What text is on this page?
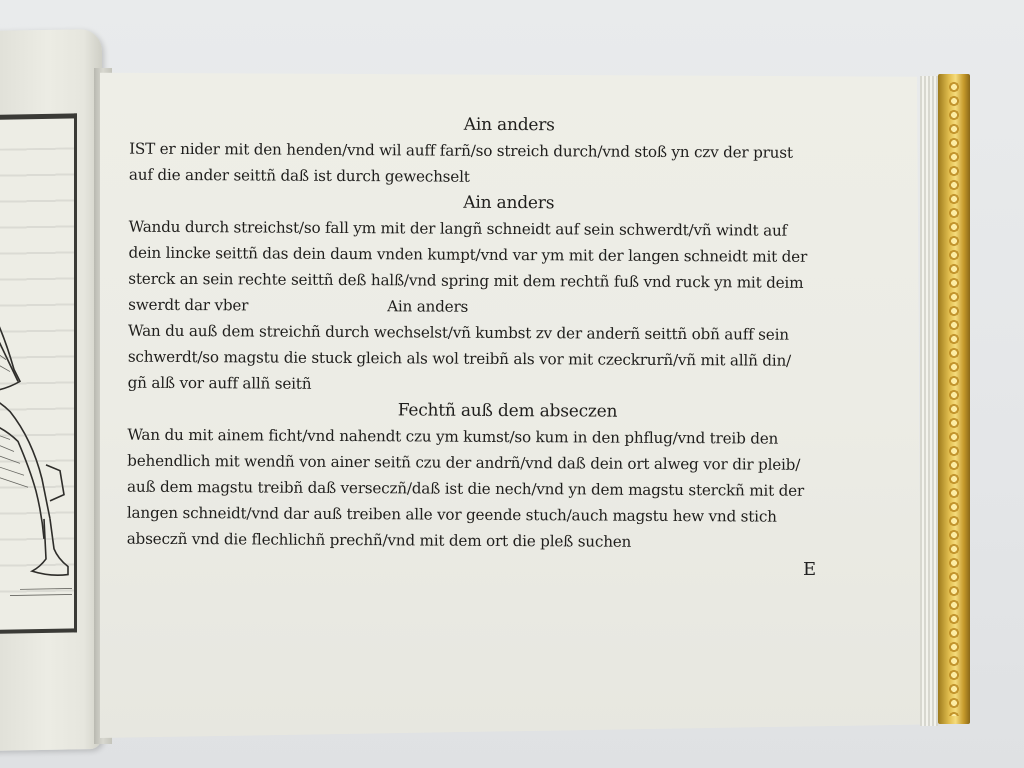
Ain anders
IST er nider mit den henden/vnd wil auff farñ/so streich durch/vnd stoß yn czv der prust
auf die ander seittñ daß ist durch gewechselt
Ain anders
Wandu durch streichst/so fall ym mit der langñ schneidt auf sein schwerdt/vñ windt auf
dein lincke seittñ das dein daum vnden kumpt/vnd var ym mit der langen schneidt mit der
sterck an sein rechte seittñ deß halß/vnd spring mit dem rechtñ fuß vnd ruck yn mit deim
swerdt dar vber                              Ain anders
Wan du auß dem streichñ durch wechselst/vñ kumbst zv der anderñ seittñ obñ auff sein
schwerdt/so magstu die stuck gleich als wol treibñ als vor mit czeckrurñ/vñ mit allñ din/
gñ alß vor auff allñ seitñ
Fechtñ auß dem abseczen
Wan du mit ainem ficht/vnd nahendt czu ym kumst/so kum in den phflug/vnd treib den
behendlich mit wendñ von ainer seitñ czu der andrñ/vnd daß dein ort alweg vor dir pleib/
auß dem magstu treibñ daß verseczñ/daß ist die nech/vnd yn dem magstu sterckñ mit der
langen schneidt/vnd dar auß treiben alle vor geende stuch/auch magstu hew vnd stich
abseczñ vnd die flechlichñ prechñ/vnd mit dem ort die pleß suchen
E
